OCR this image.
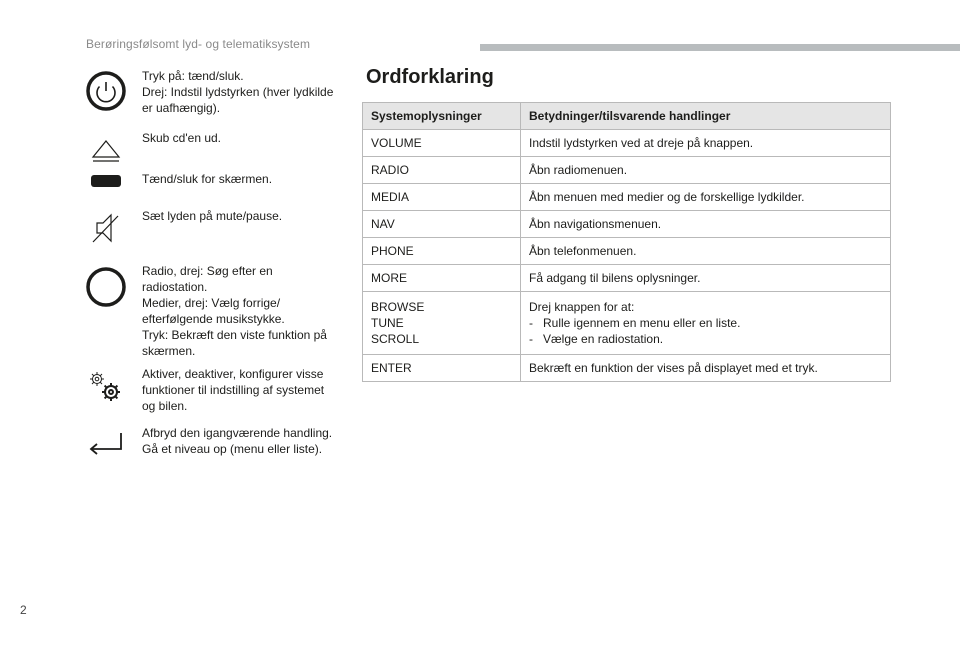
Berøringsfølsomt lyd- og telematiksystem
Tryk på: tænd/sluk.
Drej: Indstil lydstyrken (hver lydkilde
er uafhængig).
Skub cd'en ud.
Tænd/sluk for skærmen.
Sæt lyden på mute/pause.
Radio, drej: Søg efter en
radiostation.
Medier, drej: Vælg forrige/
efterfølgende musikstykke.
Tryk: Bekræft den viste funktion på
skærmen.
Aktiver, deaktiver, konfigurer visse
funktioner til indstilling af systemet
og bilen.
Afbryd den igangværende handling.
Gå et niveau op (menu eller liste).
Ordforklaring
Systemoplysninger	Betydninger/tilsvarende handlinger
VOLUME	Indstil lydstyrken ved at dreje på knappen.
RADIO	Åbn radiomenuen.
MEDIA	Åbn menuen med medier og de forskellige lydkilder.
NAV	Åbn navigationsmenuen.
PHONE	Åbn telefonmenuen.
MORE	Få adgang til bilens oplysninger.

BROWSE
TUNE
SCROLL	Drej knappen for at:
- Rulle igennem en menu eller en liste.
- Vælge en radiostation.

ENTER	Bekræft en funktion der vises på displayet med et tryk.
2
